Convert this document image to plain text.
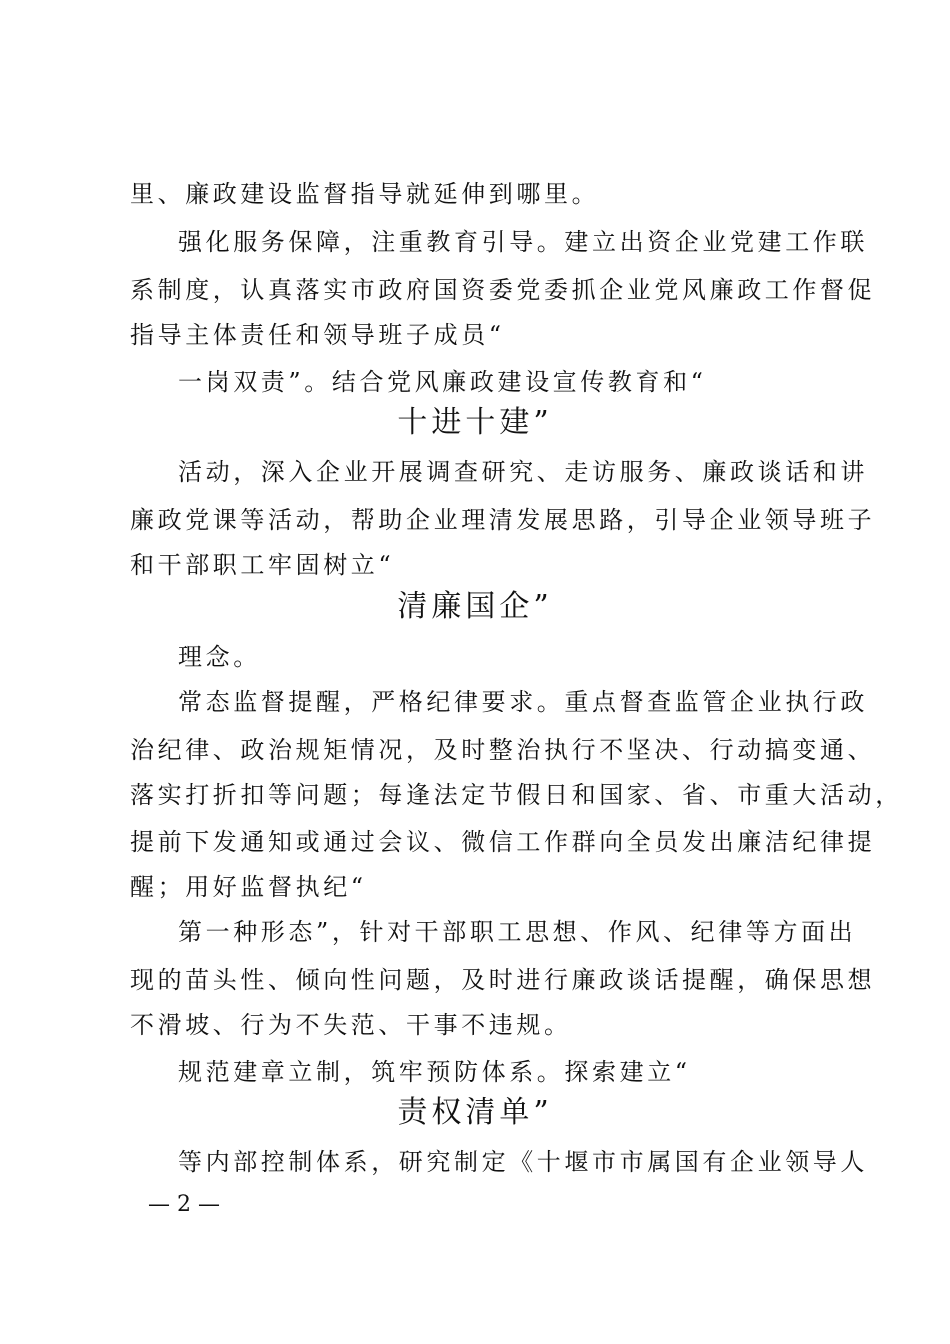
里、廉政建设监督指导就延伸到哪里。
强化服务保障，注重教育引导。建立出资企业党建工作联
系制度，认真落实市政府国资委党委抓企业党风廉政工作督促
指导主体责任和领导班子成员“
一岗双责”。结合党风廉政建设宣传教育和“
十进十建”
活动，深入企业开展调查研究、走访服务、廉政谈话和讲
廉政党课等活动，帮助企业理清发展思路，引导企业领导班子
和干部职工牢固树立“
清廉国企”
理念。
常态监督提醒，严格纪律要求。重点督查监管企业执行政
治纪律、政治规矩情况，及时整治执行不坚决、行动搞变通、
落实打折扣等问题；每逢法定节假日和国家、省、市重大活动，
提前下发通知或通过会议、微信工作群向全员发出廉洁纪律提
醒；用好监督执纪“
第一种形态”，针对干部职工思想、作风、纪律等方面出
现的苗头性、倾向性问题，及时进行廉政谈话提醒，确保思想
不滑坡、行为不失范、干事不违规。
规范建章立制，筑牢预防体系。探索建立“
责权清单”
等内部控制体系，研究制定《十堰市市属国有企业领导人
— 2 —
